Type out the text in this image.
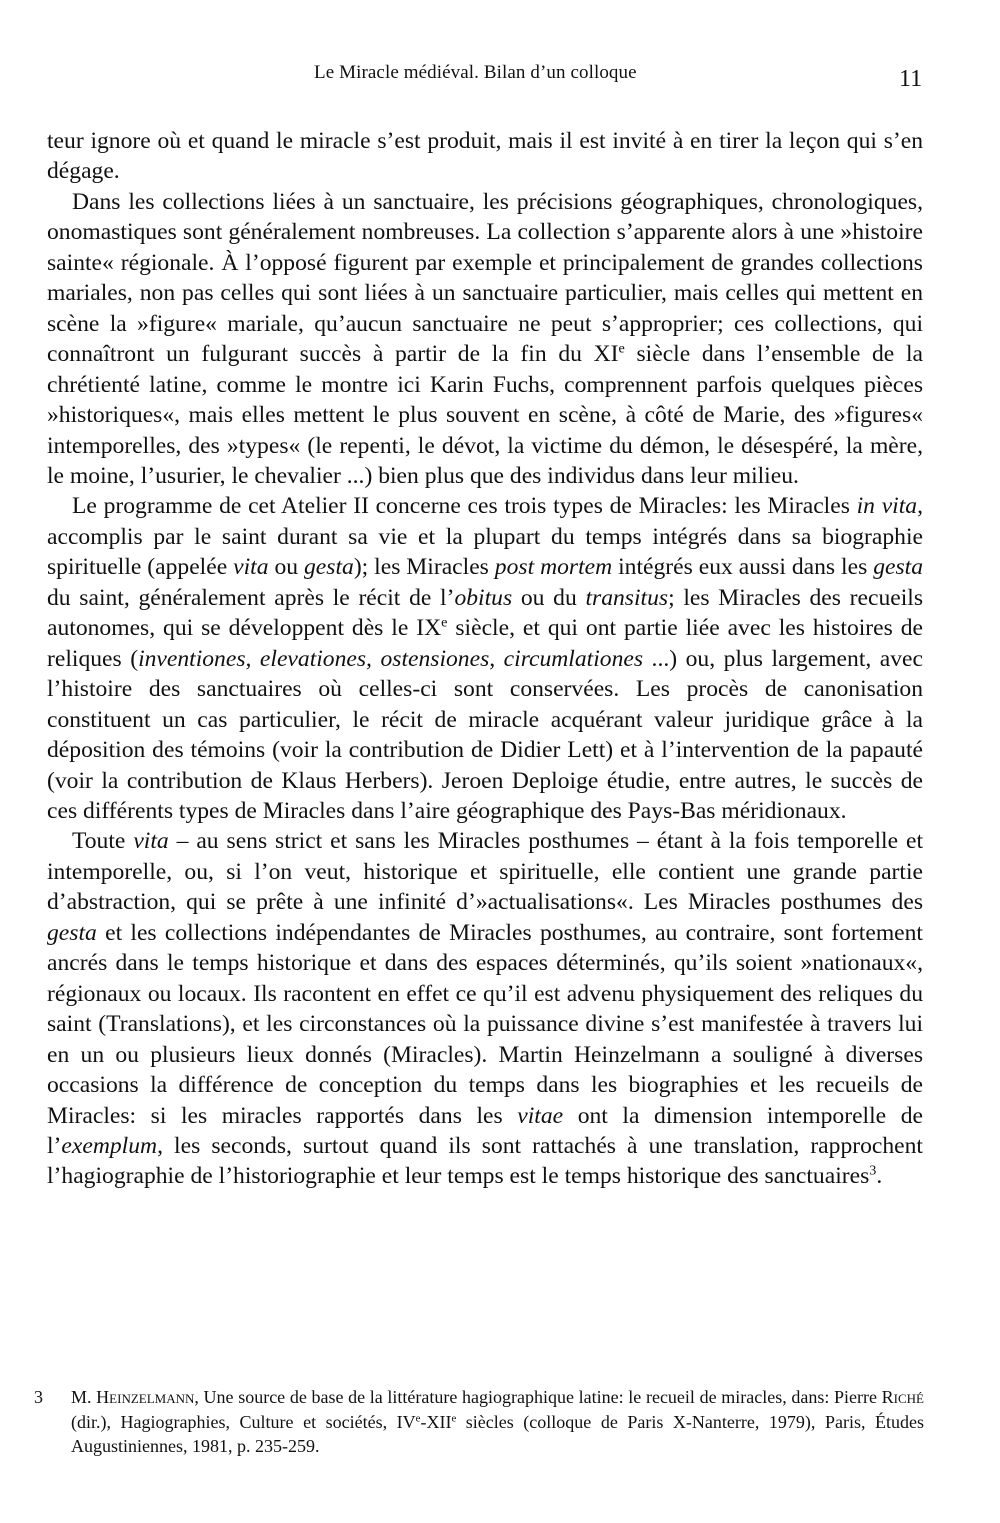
Le Miracle médiéval. Bilan d’un colloque	11

teur ignore où et quand le miracle s’est produit, mais il est invité à en tirer la leçon qui s’en dégage.

Dans les collections liées à un sanctuaire, les précisions géographiques, chronologiques, onomastiques sont généralement nombreuses. La collection s’apparente alors à une »histoire sainte« régionale. À l’opposé figurent par exemple et principalement de grandes collections mariales, non pas celles qui sont liées à un sanctuaire particulier, mais celles qui mettent en scène la »figure« mariale, qu’aucun sanctuaire ne peut s’approprier; ces collections, qui connaîtront un fulgurant succès à partir de la fin du XIe siècle dans l’ensemble de la chrétienté latine, comme le montre ici Karin Fuchs, comprennent parfois quelques pièces »historiques«, mais elles mettent le plus souvent en scène, à côté de Marie, des »figures« intemporelles, des »types« (le repenti, le dévot, la victime du démon, le désespéré, la mère, le moine, l’usurier, le chevalier ...) bien plus que des individus dans leur milieu.

Le programme de cet Atelier II concerne ces trois types de Miracles: les Miracles in vita, accomplis par le saint durant sa vie et la plupart du temps intégrés dans sa biographie spirituelle (appelée vita ou gesta); les Miracles post mortem intégrés eux aussi dans les gesta du saint, généralement après le récit de l’obitus ou du transitus; les Miracles des recueils autonomes, qui se développent dès le IXe siècle, et qui ont partie liée avec les histoires de reliques (inventiones, elevationes, ostensiones, circumlationes ...) ou, plus largement, avec l’histoire des sanctuaires où celles-ci sont conservées. Les procès de canonisation constituent un cas particulier, le récit de miracle acquérant valeur juridique grâce à la déposition des témoins (voir la contribution de Didier Lett) et à l’intervention de la papauté (voir la contribution de Klaus Herbers). Jeroen Deploige étudie, entre autres, le succès de ces différents types de Miracles dans l’aire géographique des Pays-Bas méridionaux.

Toute vita – au sens strict et sans les Miracles posthumes – étant à la fois temporelle et intemporelle, ou, si l’on veut, historique et spirituelle, elle contient une grande partie d’abstraction, qui se prête à une infinité d’»actualisations«. Les Miracles posthumes des gesta et les collections indépendantes de Miracles posthumes, au contraire, sont fortement ancrés dans le temps historique et dans des espaces déterminés, qu’ils soient »nationaux«, régionaux ou locaux. Ils racontent en effet ce qu’il est advenu physiquement des reliques du saint (Translations), et les circonstances où la puissance divine s’est manifestée à travers lui en un ou plusieurs lieux donnés (Miracles). Martin Heinzelmann a souligné à diverses occasions la différence de conception du temps dans les biographies et les recueils de Miracles: si les miracles rapportés dans les vitae ont la dimension intemporelle de l’exemplum, les seconds, surtout quand ils sont rattachés à une translation, rapprochent l’hagiographie de l’historiographie et leur temps est le temps historique des sanctuaires$^3$.

3 M. Heinzelmann, Une source de base de la littérature hagiographique latine: le recueil de miracles, dans: Pierre Riché (dir.), Hagiographies, Culture et sociétés, IVe-XIIe siècles (colloque de Paris X-Nanterre, 1979), Paris, Études Augustiniennes, 1981, p. 235-259.
